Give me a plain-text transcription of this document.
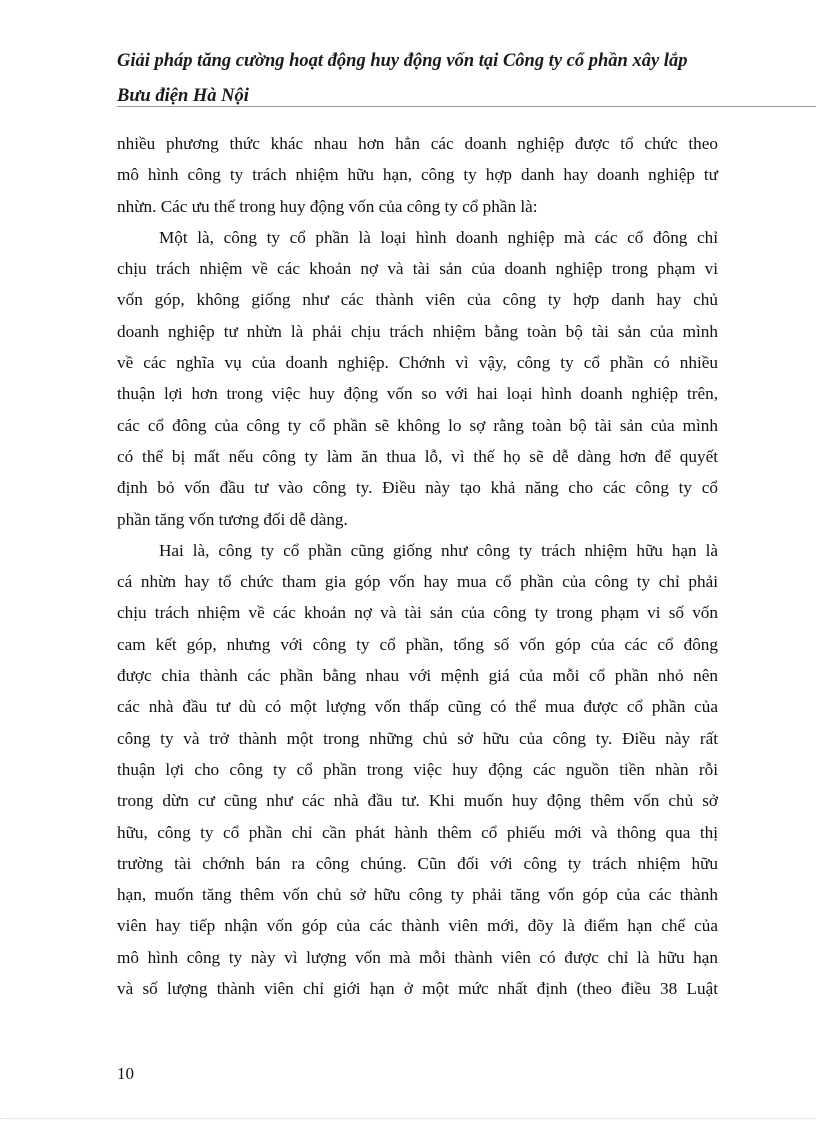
Giải pháp tăng cường hoạt động huy động vốn tại Công ty cổ phần xây lắp
Bưu điện Hà Nội

nhiều phương thức khác nhau hơn hẳn các doanh nghiệp được tổ chức theo
mô hình công ty trách nhiệm hữu hạn, công ty hợp danh hay doanh nghiệp tư
nhừn. Các ưu thế trong huy động vốn của công ty cổ phần là:

Một là, công ty cổ phần là loại hình doanh nghiệp mà các cổ đông chỉ
chịu trách nhiệm về các khoản nợ và tài sản của doanh nghiệp trong phạm vi
vốn góp, không giống như các thành viên của công ty hợp danh hay chủ
doanh nghiệp tư nhừn là phải chịu trách nhiệm bằng toàn bộ tài sản của mình
về các nghĩa vụ của doanh nghiệp. Chớnh vì vậy, công ty cổ phần có nhiều
thuận lợi hơn trong việc huy động vốn so với hai loại hình doanh nghiệp trên,
các cổ đông của công ty cổ phần sẽ không lo sợ rằng toàn bộ tài sản của mình
có thể bị mất nếu công ty làm ăn thua lỗ, vì thế họ sẽ dễ dàng hơn để quyết
định bỏ vốn đầu tư vào công ty. Điều này tạo khả năng cho các công ty cổ
phần tăng vốn tương đối dễ dàng.

Hai là, công ty cổ phần cũng giống như công ty trách nhiệm hữu hạn là
cá nhừn hay tổ chức tham gia góp vốn hay mua cổ phần của công ty chỉ phải
chịu trách nhiệm về các khoản nợ và tài sản của công ty trong phạm vi số vốn
cam kết góp, nhưng với công ty cổ phần, tổng số vốn góp của các cổ đông
được chia thành các phần bằng nhau với mệnh giá của mỗi cổ phần nhỏ nên
các nhà đầu tư dù có một lượng vốn thấp cũng có thể mua được cổ phần của
công ty và trở thành một trong những chủ sở hữu của công ty. Điều này rất
thuận lợi cho công ty cổ phần trong việc huy động các nguồn tiền nhàn rỗi
trong dừn cư cũng như các nhà đầu tư. Khi muốn huy động thêm vốn chủ sở
hữu, công ty cổ phần chỉ cần phát hành thêm cổ phiếu mới và thông qua thị
trường tài chớnh bán ra công chúng. Cũn đối với công ty trách nhiệm hữu
hạn, muốn tăng thêm vốn chủ sở hữu công ty phải tăng vốn góp của các thành
viên hay tiếp nhận vốn góp của các thành viên mới, đõy là điểm hạn chế của
mô hình công ty này vì lượng vốn mà mỗi thành viên có được chỉ là hữu hạn
và số lượng thành viên chỉ giới hạn ở một mức nhất định (theo điều 38 Luật

10
